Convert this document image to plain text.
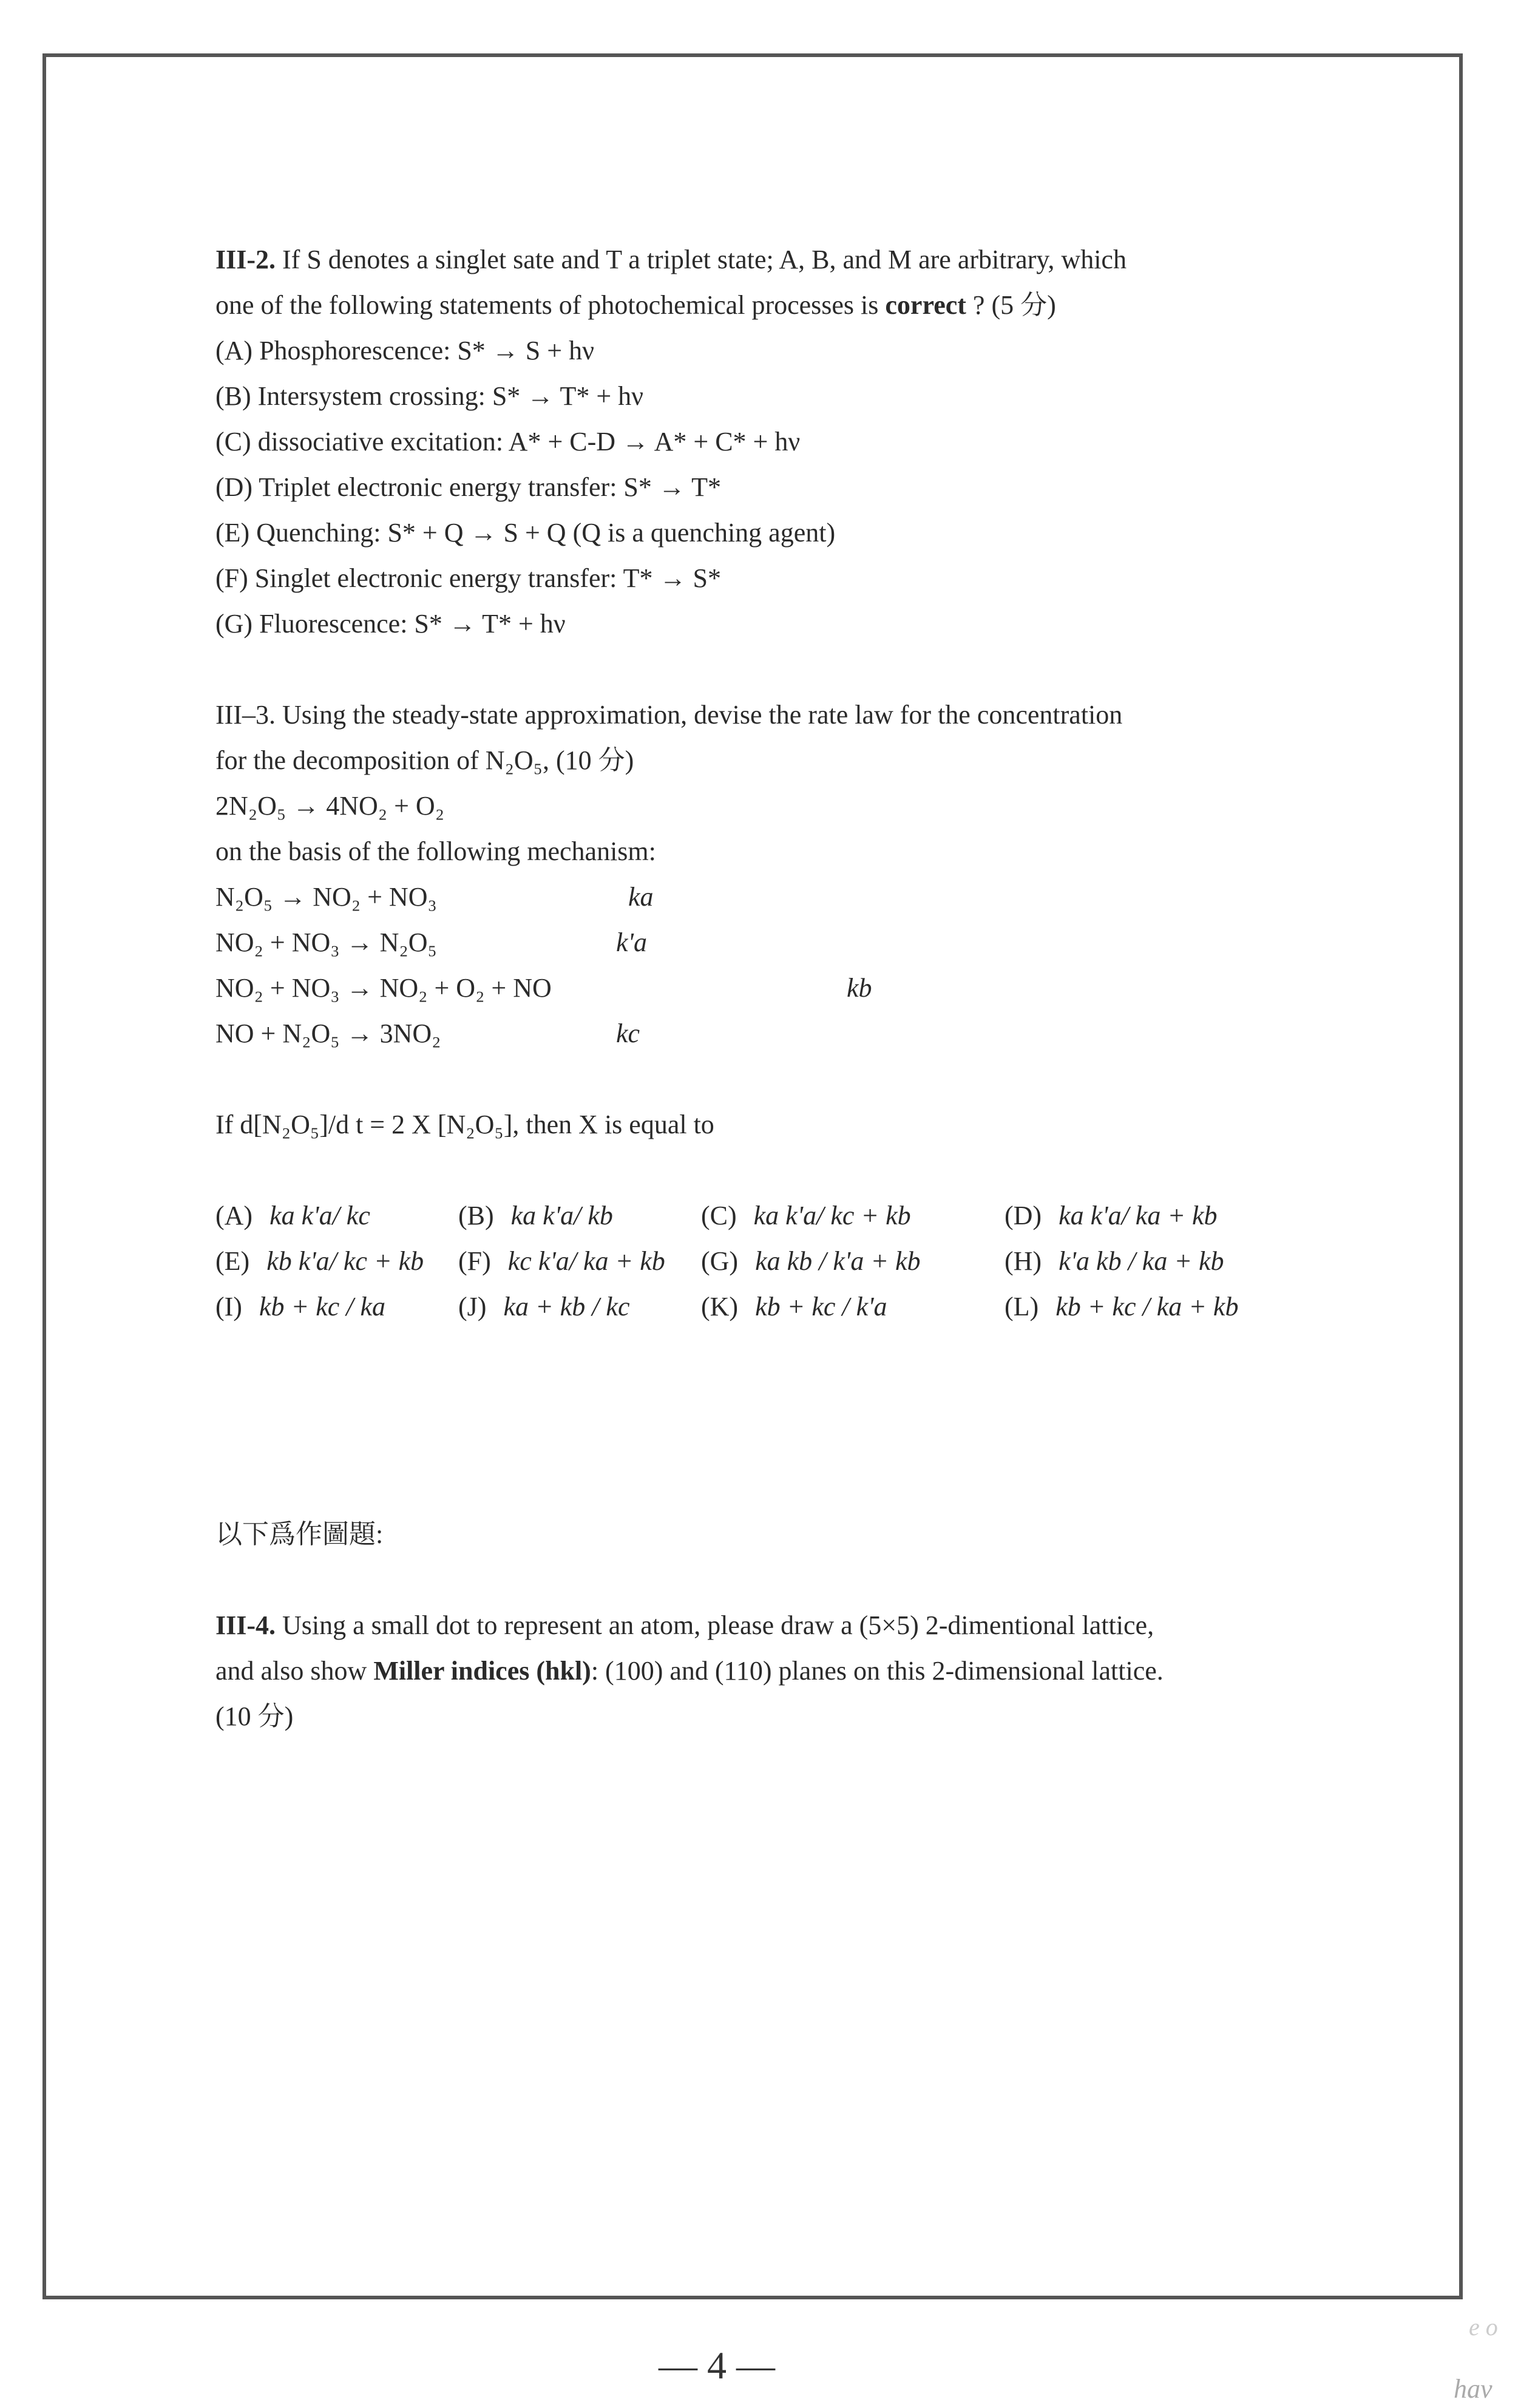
III-2. If S denotes a singlet sate and T a triplet state; A, B, and M are arbitrary, which
one of the following statements of photochemical processes is correct ? (5 分)
(A) Phosphorescence: S* → S + hν
(B) Intersystem crossing: S* → T* + hν
(C) dissociative excitation: A* + C-D → A* + C* + hν
(D) Triplet electronic energy transfer: S* → T*
(E) Quenching: S* + Q → S + Q (Q is a quenching agent)
(F) Singlet electronic energy transfer: T* → S*
(G) Fluorescence: S* → T* + hν
III–3. Using the steady-state approximation, devise the rate law for the concentration
for the decomposition of N₂O₅, (10 分)
2N₂O₅ → 4NO₂ + O₂
on the basis of the following mechanism:
N₂O₅ → NO₂ + NO₃	ka
NO₂ + NO₃ → N₂O₅	k'a
NO₂ + NO₃ → NO₂ + O₂ + NO	kb
NO + N₂O₅ → 3NO₂	kc
If d[N₂O₅]/d t = 2 X [N₂O₅], then X is equal to
(A) ka k'a/ kc	(B) ka k'a/ kb	(C) ka k'a/ kc + kb	(D) ka k'a/ ka + kb
(E) kb k'a/ kc + kb (F) kc k'a/ ka + kb (G) ka kb / k'a + kb	(H) k'a kb / ka + kb
(I) kb + kc / ka	(J) ka + kb / kc	(K) kb + kc / k'a	(L) kb + kc / ka + kb
以下爲作圖題:
III-4. Using a small dot to represent an atom, please draw a (5×5) 2-dimentional lattice,
and also show Miller indices (hkl): (100) and (110) planes on this 2-dimensional lattice.
(10 分)
— 4 —
e o
hav
